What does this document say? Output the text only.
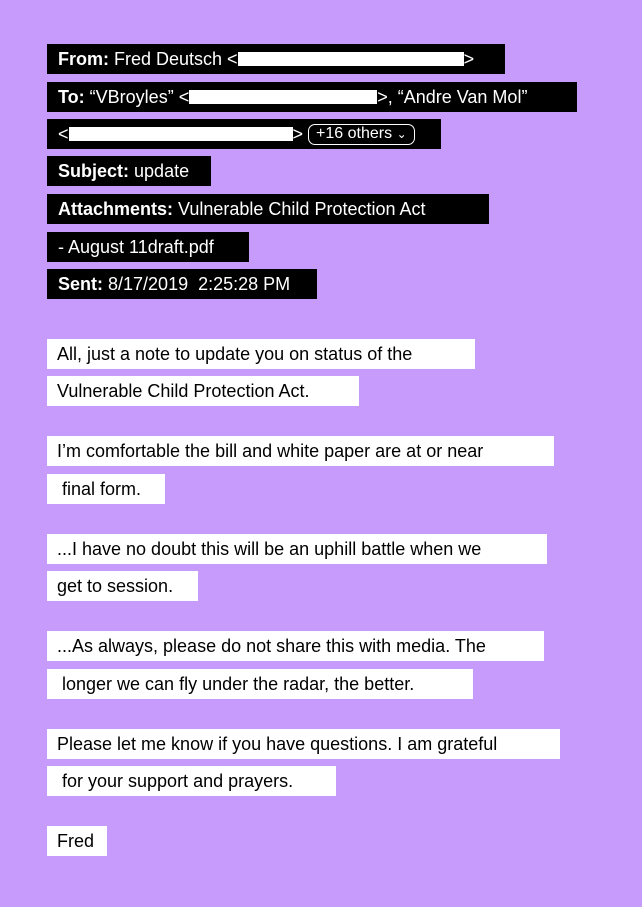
From: Fred Deutsch <	>
To: “VBroyles” <	>, “Andre Van Mol”
<	> +16 others ⌄
Subject: update
Attachments: Vulnerable Child Protection Act
- August 11draft.pdf
Sent: 8/17/2019  2:25:28 PM
All, just a note to update you on status of the
Vulnerable Child Protection Act.
I’m comfortable the bill and white paper are at or near
final form.
...I have no doubt this will be an uphill battle when we
get to session.
...As always, please do not share this with media. The
longer we can fly under the radar, the better.
Please let me know if you have questions. I am grateful
for your support and prayers.
Fred
